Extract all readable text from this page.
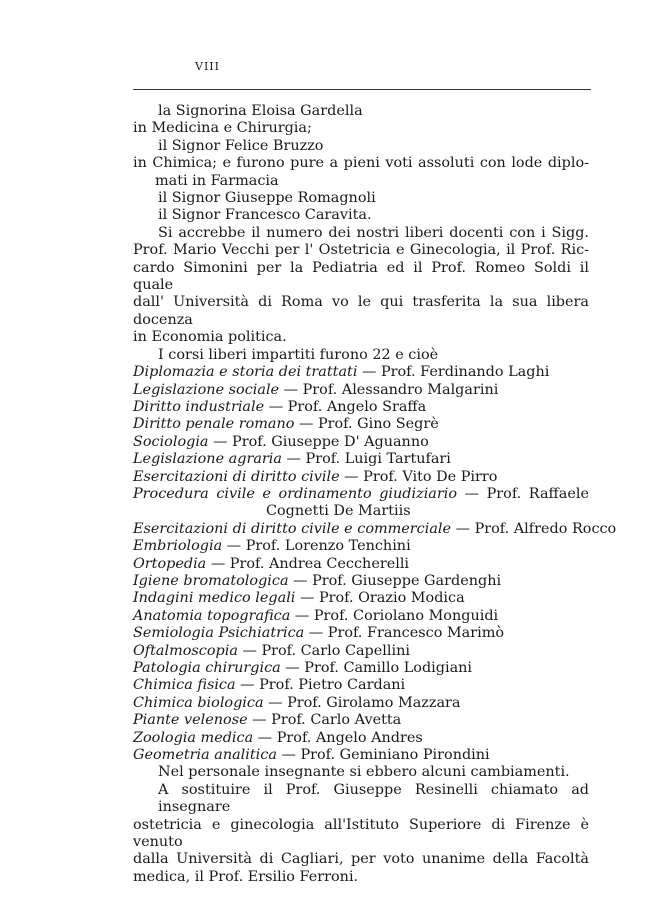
VIII
la Signorina Eloisa Gardella
in Medicina e Chirurgia;
il Signor Felice Bruzzo
in Chimica; e furono pure a pieni voti assoluti con lode diplo-
mati in Farmacia
il Signor Giuseppe Romagnoli
il Signor Francesco Caravita.
Si accrebbe il numero dei nostri liberi docenti con i Sigg.
Prof. Mario Vecchi per l' Ostetricia e Ginecologia, il Prof. Ric-
cardo Simonini per la Pediatria ed il Prof. Romeo Soldi il quale
dall' Università di Roma vo le qui trasferita la sua libera docenza
in Economia politica.
I corsi liberi impartiti furono 22 e cioè
Diplomazia e storia dei trattati — Prof. Ferdinando Laghi
Legislazione sociale — Prof. Alessandro Malgarini
Diritto industriale — Prof. Angelo Sraffa
Diritto penale romano — Prof. Gino Segrè
Sociologia — Prof. Giuseppe D' Aguanno
Legislazione agraria — Prof. Luigi Tartufari
Esercitazioni di diritto civile — Prof. Vito De Pirro
Procedura civile e ordinamento giudiziario — Prof. Raffaele
Cognetti De Martiis
Esercitazioni di diritto civile e commerciale — Prof. Alfredo Rocco
Embriologia — Prof. Lorenzo Tenchini
Ortopedia — Prof. Andrea Ceccherelli
Igiene bromatologica — Prof. Giuseppe Gardenghi
Indagini medico legali — Prof. Orazio Modica
Anatomia topografica — Prof. Coriolano Monguidi
Semiologia Psichiatrica — Prof. Francesco Marimò
Oftalmoscopia — Prof. Carlo Capellini
Patologia chirurgica — Prof. Camillo Lodigiani
Chimica fisica — Prof. Pietro Cardani
Chimica biologica — Prof. Girolamo Mazzara
Piante velenose — Prof. Carlo Avetta
Zoologia medica — Prof. Angelo Andres
Geometria analitica — Prof. Geminiano Pirondini
Nel personale insegnante si ebbero alcuni cambiamenti.
A sostituire il Prof. Giuseppe Resinelli chiamato ad insegnare
ostetricia e ginecologia all'Istituto Superiore di Firenze è venuto
dalla Università di Cagliari, per voto unanime della Facoltà
medica, il Prof. Ersilio Ferroni.
